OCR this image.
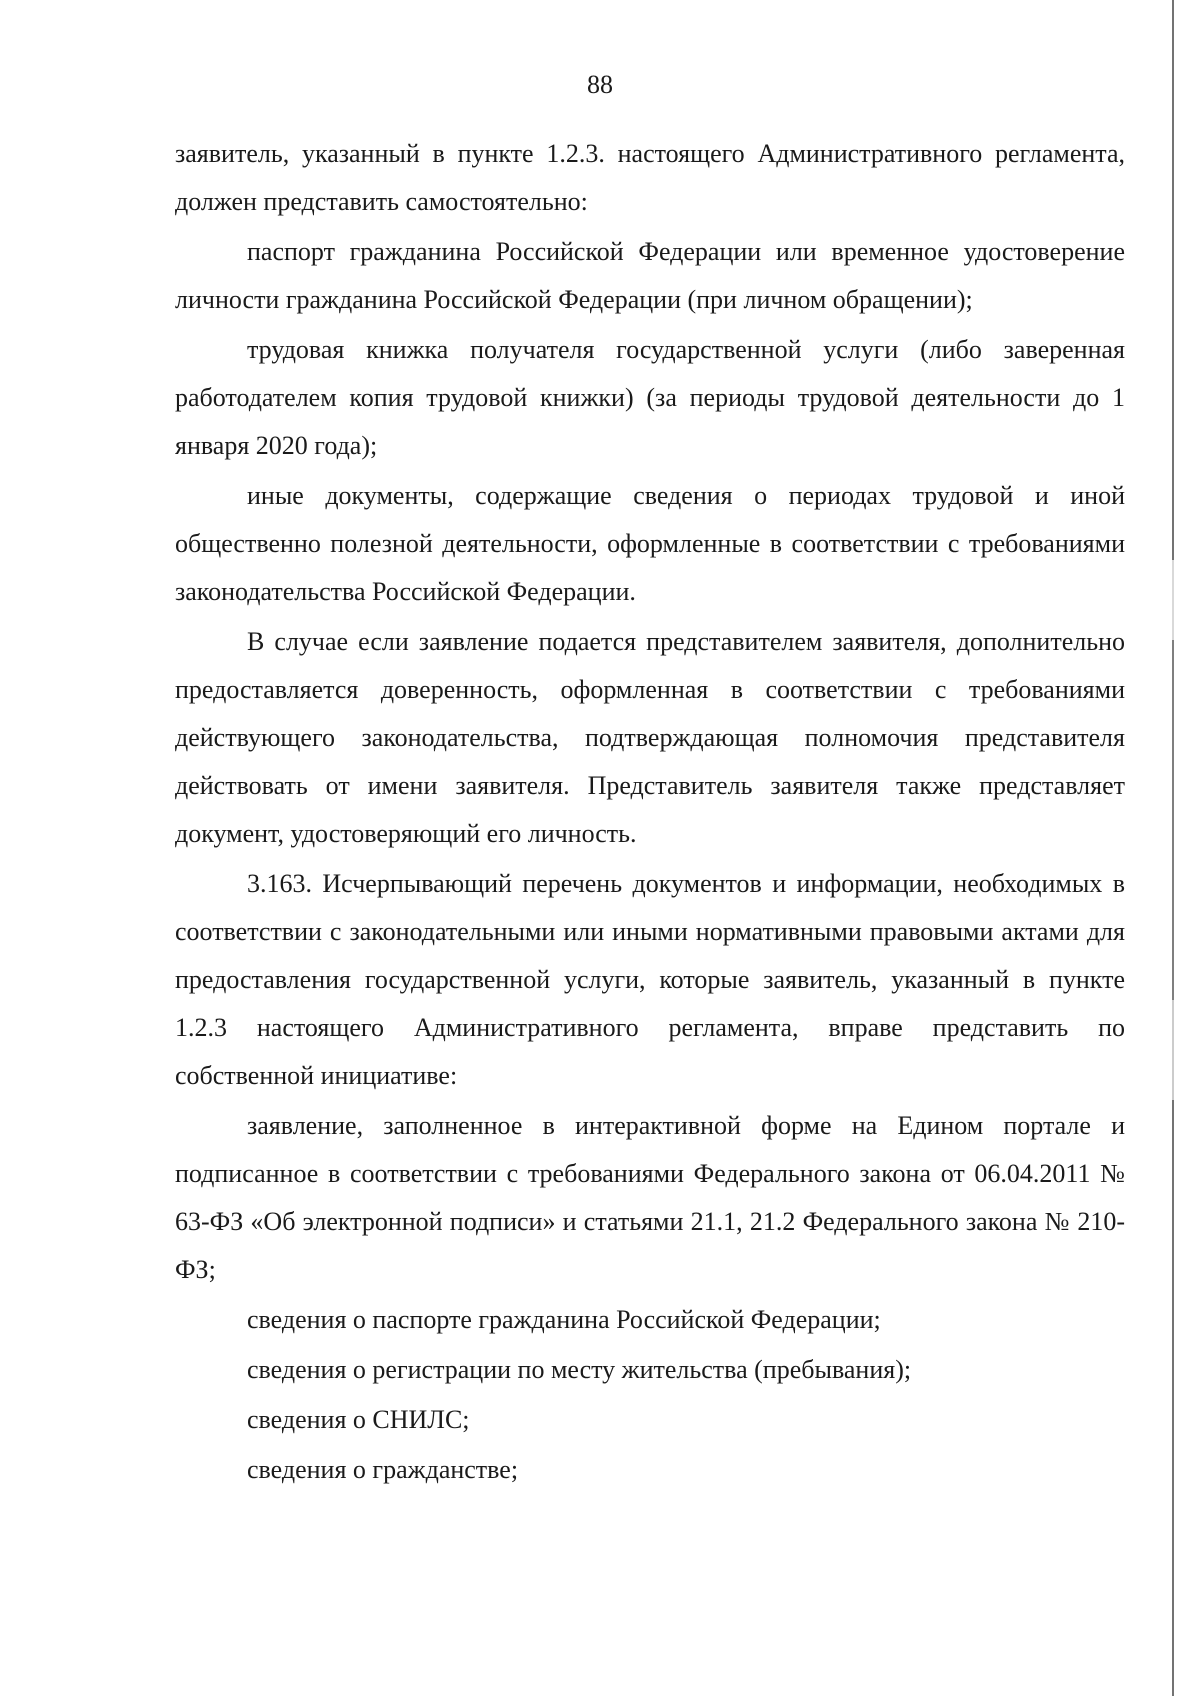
88

заявитель, указанный в пункте 1.2.3. настоящего Административного регламента, должен представить самостоятельно:

паспорт гражданина Российской Федерации или временное удостоверение личности гражданина Российской Федерации (при личном обращении);

трудовая книжка получателя государственной услуги (либо заверенная работодателем копия трудовой книжки) (за периоды трудовой деятельности до 1 января 2020 года);

иные документы, содержащие сведения о периодах трудовой и иной общественно полезной деятельности, оформленные в соответствии с требованиями законодательства Российской Федерации.

В случае если заявление подается представителем заявителя, дополнительно предоставляется доверенность, оформленная в соответствии с требованиями действующего законодательства, подтверждающая полномочия представителя действовать от имени заявителя. Представитель заявителя также представляет документ, удостоверяющий его личность.

3.163. Исчерпывающий перечень документов и информации, необходимых в соответствии с законодательными или иными нормативными правовыми актами для предоставления государственной услуги, которые заявитель, указанный в пункте 1.2.3 настоящего Административного регламента, вправе представить по собственной инициативе:

заявление, заполненное в интерактивной форме на Едином портале и подписанное в соответствии с требованиями Федерального закона от 06.04.2011 № 63-ФЗ «Об электронной подписи» и статьями 21.1, 21.2 Федерального закона № 210-ФЗ;

сведения о паспорте гражданина Российской Федерации;

сведения о регистрации по месту жительства (пребывания);

сведения о СНИЛС;

сведения о гражданстве;
